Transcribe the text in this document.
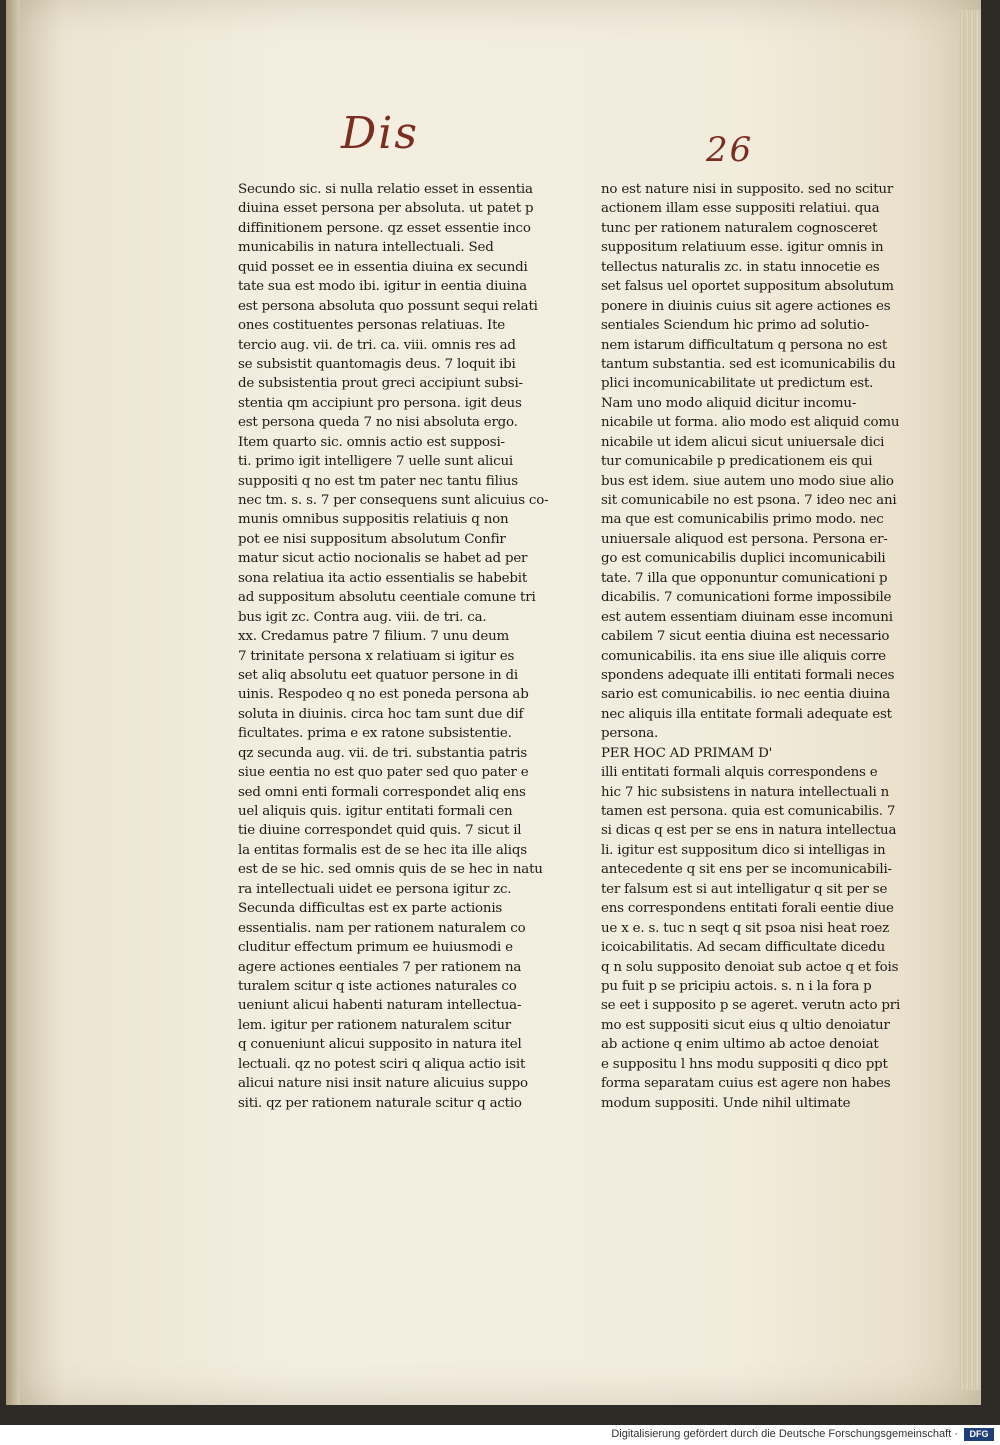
Dis	26
Secundo sic. si nulla relatio esset in essentia
diuina esset persona per absoluta. ut patet p
diffinitionem persone. qz esset essentie inco
municabilis in natura intellectuali. Sed
quid posset ee in essentia diuina ex secundi
tate sua est modo ibi. igitur in eentia diuina
est persona absoluta quo possunt sequi relati
ones costituentes personas relatiuas. Ite
tercio aug. vii. de tri. ca. viii. omnis res ad
se subsistit quantomagis deus. 7 loquit ibi
de subsistentia prout greci accipiunt subsi-
stentia qm accipiunt pro persona. igit deus
est persona queda 7 no nisi absoluta ergo.
Item quarto sic. omnis actio est supposi-
ti. primo igit intelligere 7 uelle sunt alicui
suppositi q no est tm pater nec tantu filius
nec tm. s. s. 7 per consequens sunt alicuius co-
munis omnibus suppositis relatiuis q non
pot ee nisi suppositum absolutum Confir
matur sicut actio nocionalis se habet ad per
sona relatiua ita actio essentialis se habebit
ad suppositum absolutu ceentiale comune tri
bus igit zc. Contra aug. viii. de tri. ca.
xx. Credamus patre 7 filium. 7 unu deum
7 trinitate persona x relatiuam si igitur es
set aliq absolutu eet quatuor persone in di
uinis. Respodeo q no est poneda persona ab
soluta in diuinis. circa hoc tam sunt due dif
ficultates. prima e ex ratone subsistentie.
qz secunda aug. vii. de tri. substantia patris
siue eentia no est quo pater sed quo pater e
sed omni enti formali correspondet aliq ens
uel aliquis quis. igitur entitati formali cen
tie diuine correspondet quid quis. 7 sicut il
la entitas formalis est de se hec ita ille aliqs
est de se hic. sed omnis quis de se hec in natu
ra intellectuali uidet ee persona igitur zc.
Secunda difficultas est ex parte actionis
essentialis. nam per rationem naturalem co
cluditur effectum primum ee huiusmodi e
agere actiones eentiales 7 per rationem na
turalem scitur q iste actiones naturales co
ueniunt alicui habenti naturam intellectua-
lem. igitur per rationem naturalem scitur
q conueniunt alicui supposito in natura itel
lectuali. qz no potest sciri q aliqua actio isit
alicui nature nisi insit nature alicuius suppo
siti. qz per rationem naturale scitur q actio
no est nature nisi in supposito. sed no scitur
actionem illam esse suppositi relatiui. qua
tunc per rationem naturalem cognosceret
suppositum relatiuum esse. igitur omnis in
tellectus naturalis zc. in statu innocetie es
set falsus uel oportet suppositum absolutum
ponere in diuinis cuius sit agere actiones es
sentiales Sciendum hic primo ad solutio-
nem istarum difficultatum q persona no est
tantum substantia. sed est icomunicabilis du
plici incomunicabilitate ut predictum est.
Nam uno modo aliquid dicitur incomu-
nicabile ut forma. alio modo est aliquid comu
nicabile ut idem alicui sicut uniuersale dici
tur comunicabile p predicationem eis qui
bus est idem. siue autem uno modo siue alio
sit comunicabile no est psona. 7 ideo nec ani
ma que est comunicabilis primo modo. nec
uniuersale aliquod est persona. Persona er-
go est comunicabilis duplici incomunicabili
tate. 7 illa que opponuntur comunicationi p
dicabilis. 7 comunicationi forme impossibile
est autem essentiam diuinam esse incomuni
cabilem 7 sicut eentia diuina est necessario
comunicabilis. ita ens siue ille aliquis corre
spondens adequate illi entitati formali neces
sario est comunicabilis. io nec eentia diuina
nec aliquis illa entitate formali adequate est
persona.
PER HOC AD PRIMAM D'
illi entitati formali alquis correspondens e
hic 7 hic subsistens in natura intellectuali n
tamen est persona. quia est comunicabilis. 7
si dicas q est per se ens in natura intellectua
li. igitur est suppositum dico si intelligas in
antecedente q sit ens per se incomunicabili-
ter falsum est si aut intelligatur q sit per se
ens correspondens entitati forali eentie diue
ue x e. s. tuc n seqt q sit psoa nisi heat roez
icoicabilitatis. Ad secam difficultate dicedu
q n solu supposito denoiat sub actoe q et fois
pu fuit p se pricipiu actois. s. n i la fora p
se eet i supposito p se ageret. verutn acto pri
mo est suppositi sicut eius q ultio denoiatur
ab actione q enim ultimo ab actoe denoiat
e suppositu l hns modu suppositi q dico ppt
forma separatam cuius est agere non habes
modum suppositi. Unde nihil ultimate
Digitalisierung gefördert durch die Deutsche Forschungsgemeinschaft ·	DFG
